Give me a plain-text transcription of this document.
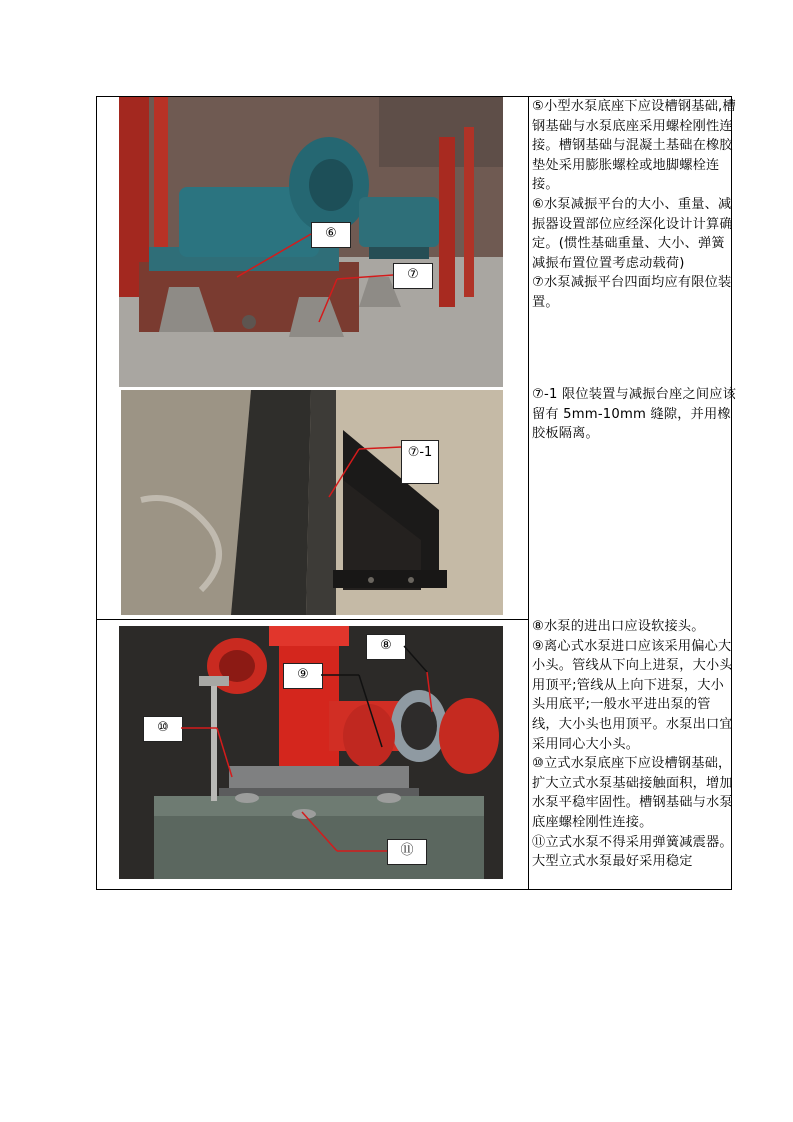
⑥
⑦
⑦-1
⑧
⑨
⑩
⑪

⑤小型水泵底座下应设槽钢基础,槽钢基础与水泵底座采用螺栓刚性连接。槽钢基础与混凝土基础在橡胶垫处采用膨胀螺栓或地脚螺栓连接。

⑥水泵减振平台的大小、重量、减振器设置部位应经深化设计计算确定。(惯性基础重量、大小、弹簧减振布置位置考虑动载荷)

⑦水泵减振平台四面均应有限位装置。

⑦-1 限位装置与减振台座之间应该留有 5mm-10mm 缝隙，并用橡胶板隔离。

⑧水泵的进出口应设软接头。

⑨离心式水泵进口应该采用偏心大小头。管线从下向上进泵，大小头用顶平;管线从上向下进泵，大小头用底平;一般水平进出泵的管线，大小头也用顶平。水泵出口宜采用同心大小头。

⑩立式水泵底座下应设槽钢基础，扩大立式水泵基础接触面积，增加水泵平稳牢固性。槽钢基础与水泵底座螺栓刚性连接。

⑪立式水泵不得采用弹簧减震器。大型立式水泵最好采用稳定
